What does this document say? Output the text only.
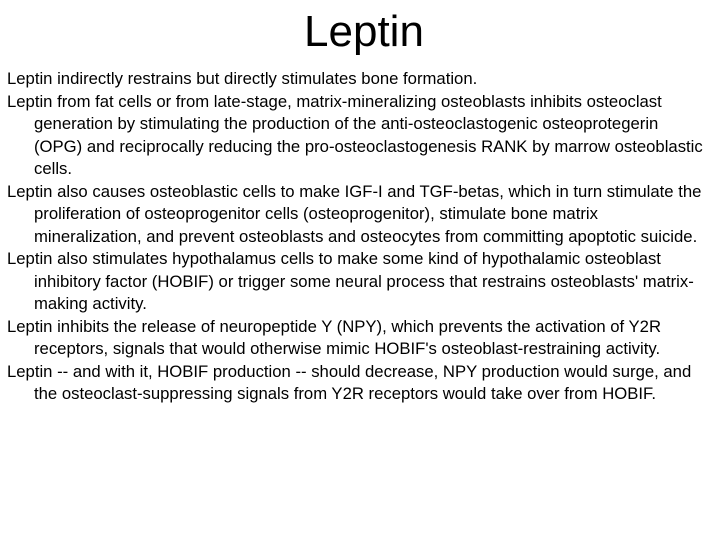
Leptin
Leptin indirectly restrains but directly stimulates bone formation.
Leptin from fat cells or from late-stage, matrix-mineralizing osteoblasts inhibits osteoclast generation by stimulating the production of the anti-osteoclastogenic osteoprotegerin (OPG) and reciprocally reducing the pro-osteoclastogenesis RANK by marrow osteoblastic cells.
Leptin also causes osteoblastic cells to make IGF-I and TGF-betas, which in turn stimulate the proliferation of osteoprogenitor cells (osteoprogenitor), stimulate bone matrix mineralization, and prevent osteoblasts and osteocytes from committing apoptotic suicide.
Leptin also stimulates hypothalamus cells to make some kind of hypothalamic osteoblast inhibitory factor (HOBIF) or trigger some neural process that restrains osteoblasts' matrix-making activity.
Leptin inhibits the release of neuropeptide Y (NPY), which prevents the activation of Y2R receptors, signals that would otherwise mimic HOBIF's osteoblast-restraining activity.
Leptin -- and with it, HOBIF production -- should decrease, NPY production would surge, and the osteoclast-suppressing signals from Y2R receptors would take over from HOBIF.
